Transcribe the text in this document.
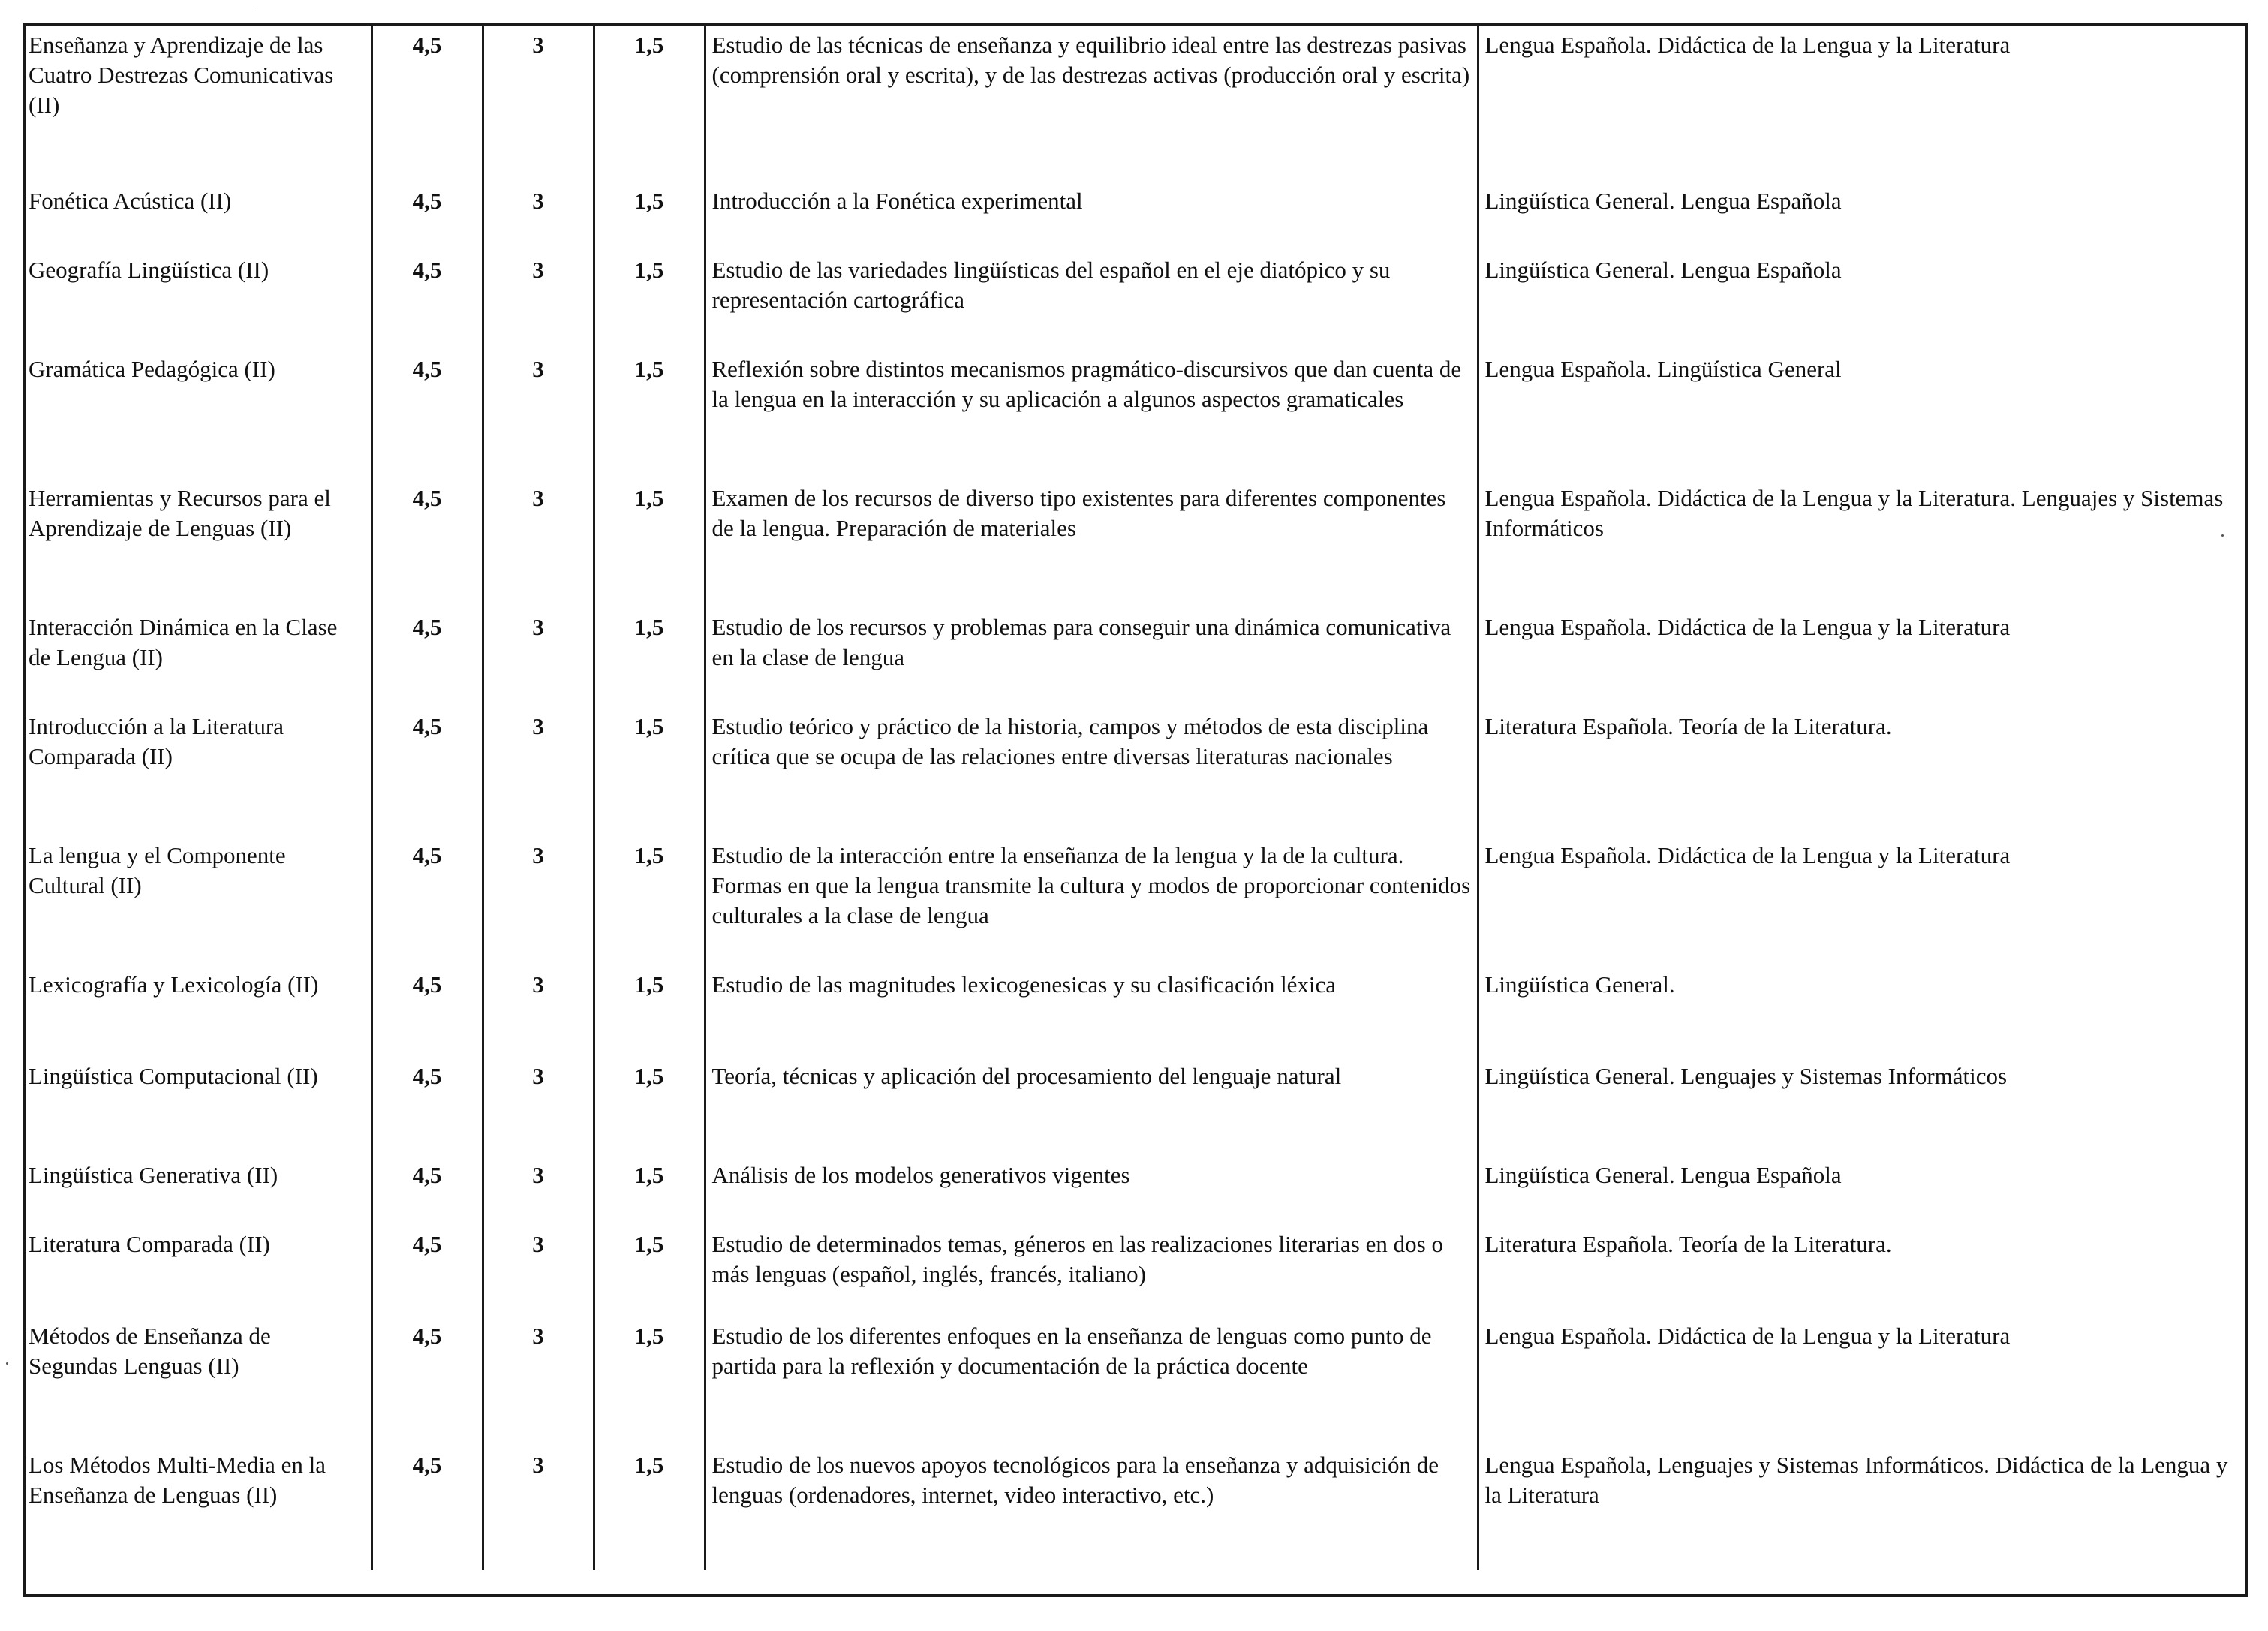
Enseñanza y Aprendizaje de las Cuatro Destrezas Comunicativas (II)	4,5	3	1,5	Estudio de las técnicas de enseñanza y equilibrio ideal entre las destrezas pasivas (comprensión oral y escrita), y de las destrezas activas (producción oral y escrita)	Lengua Española. Didáctica de la Lengua y la Literatura
Fonética Acústica (II)	4,5	3	1,5	Introducción a la Fonética experimental	Lingüística General. Lengua Española
Geografía Lingüística (II)	4,5	3	1,5	Estudio de las variedades lingüísticas del español en el eje diatópico y su representación cartográfica	Lingüística General. Lengua Española
Gramática Pedagógica (II)	4,5	3	1,5	Reflexión sobre distintos mecanismos pragmático-discursivos que dan cuenta de la lengua en la interacción y su aplicación a algunos aspectos gramaticales	Lengua Española. Lingüística General
Herramientas y Recursos para el Aprendizaje de Lenguas (II)	4,5	3	1,5	Examen de los recursos de diverso tipo existentes para diferentes componentes de la lengua. Preparación de materiales	Lengua Española. Didáctica de la Lengua y la Literatura. Lenguajes y Sistemas Informáticos
Interacción Dinámica en la Clase de Lengua (II)	4,5	3	1,5	Estudio de los recursos y problemas para conseguir una dinámica comunicativa en la clase de lengua	Lengua Española. Didáctica de la Lengua y la Literatura
Introducción a la Literatura Comparada (II)	4,5	3	1,5	Estudio teórico y práctico de la historia, campos y métodos de esta disciplina crítica que se ocupa de las relaciones entre diversas literaturas nacionales	Literatura Española. Teoría de la Literatura.
La lengua y el Componente Cultural (II)	4,5	3	1,5	Estudio de la interacción entre la enseñanza de la lengua y la de la cultura. Formas en que la lengua transmite la cultura y modos de proporcionar contenidos culturales a la clase de lengua	Lengua Española. Didáctica de la Lengua y la Literatura
Lexicografía y Lexicología (II)	4,5	3	1,5	Estudio de las magnitudes lexicogenesicas y su clasificación léxica	Lingüística General.
Lingüística Computacional (II)	4,5	3	1,5	Teoría, técnicas y aplicación del procesamiento del lenguaje natural	Lingüística General. Lenguajes y Sistemas Informáticos
Lingüística Generativa (II)	4,5	3	1,5	Análisis de los modelos generativos vigentes	Lingüística General. Lengua Española
Literatura Comparada (II)	4,5	3	1,5	Estudio de determinados temas, géneros en las realizaciones literarias en dos o más lenguas (español, inglés, francés, italiano)	Literatura Española. Teoría de la Literatura.
Métodos de Enseñanza de Segundas Lenguas (II)	4,5	3	1,5	Estudio de los diferentes enfoques en la enseñanza de lenguas como punto de partida para la reflexión y documentación de la práctica docente	Lengua Española. Didáctica de la Lengua y la Literatura
Los Métodos Multi-Media en la Enseñanza de Lenguas (II)	4,5	3	1,5	Estudio de los nuevos apoyos tecnológicos para la enseñanza y adquisición de lenguas (ordenadores, internet, video interactivo, etc.)	Lengua Española, Lenguajes y Sistemas Informáticos. Didáctica de la Lengua y la Literatura
